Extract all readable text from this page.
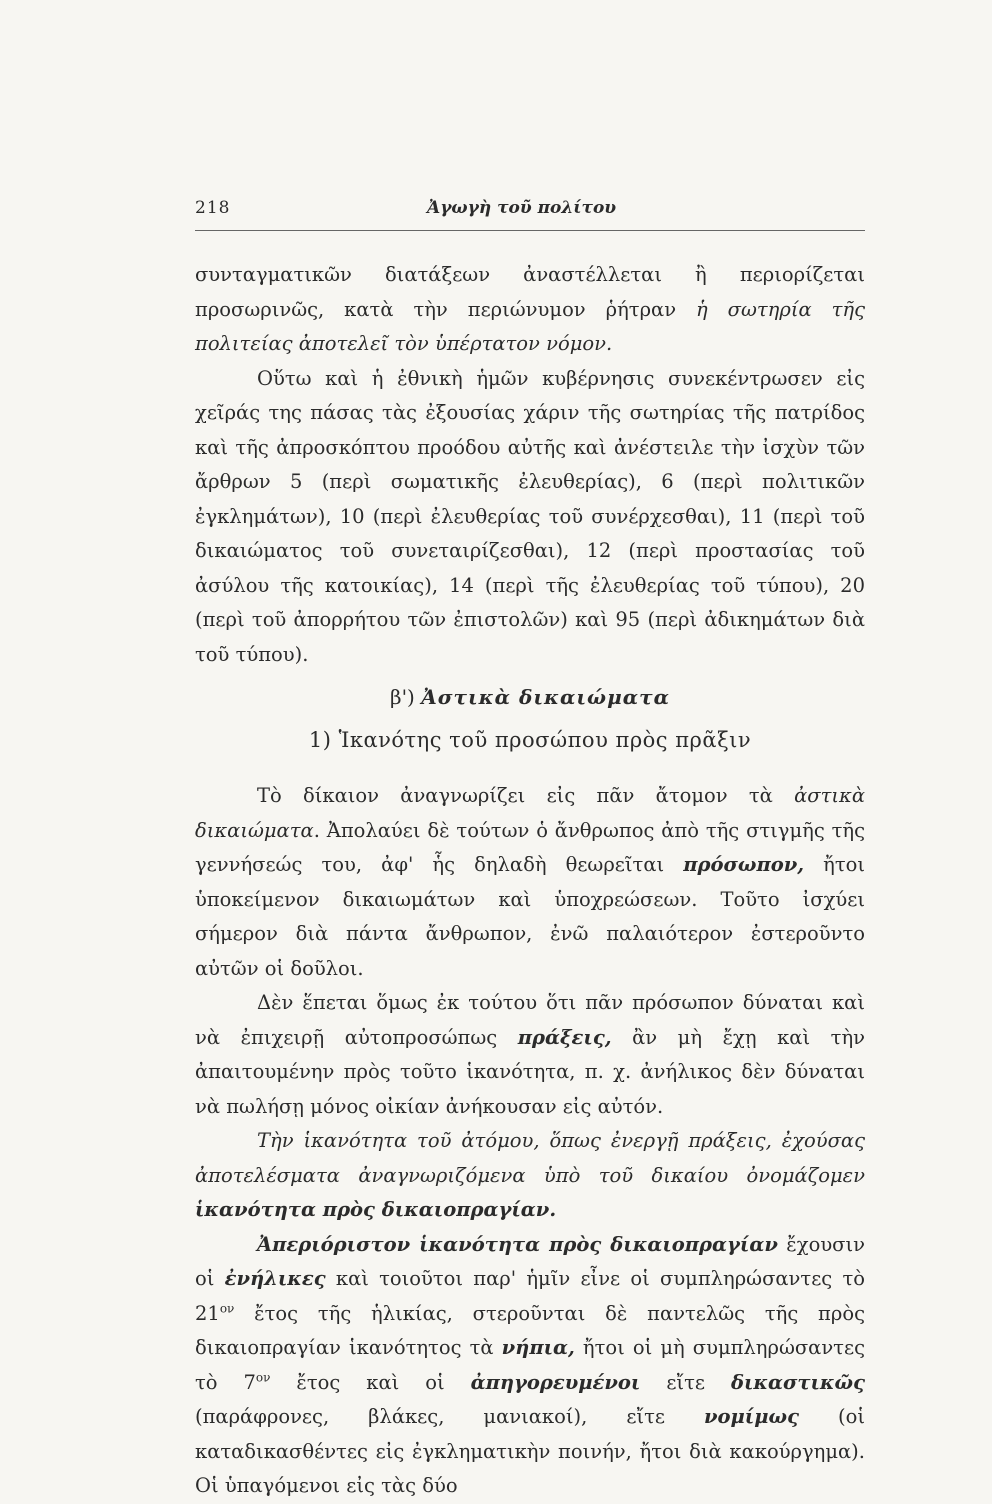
218	Ἀγωγὴ τοῦ πολίτου

συνταγματικῶν διατάξεων ἀναστέλλεται ἢ περιορίζεται προσωρινῶς, κατὰ τὴν περιώνυμον ῥήτραν ἡ σωτηρία τῆς πολιτείας ἀποτελεῖ τὸν ὑπέρτατον νόμον.

Οὕτω καὶ ἡ ἐθνικὴ ἡμῶν κυβέρνησις συνεκέντρωσεν εἰς χεῖράς της πάσας τὰς ἐξουσίας χάριν τῆς σωτηρίας τῆς πατρίδος καὶ τῆς ἀπροσκόπτου προόδου αὐτῆς καὶ ἀνέστειλε τὴν ἰσχὺν τῶν ἄρθρων 5 (περὶ σωματικῆς ἐλευθερίας), 6 (περὶ πολιτικῶν ἐγκλημάτων), 10 (περὶ ἐλευθερίας τοῦ συνέρχεσθαι), 11 (περὶ τοῦ δικαιώματος τοῦ συνεταιρίζεσθαι), 12 (περὶ προστασίας τοῦ ἀσύλου τῆς κατοικίας), 14 (περὶ τῆς ἐλευθερίας τοῦ τύπου), 20 (περὶ τοῦ ἀπορρήτου τῶν ἐπιστολῶν) καὶ 95 (περὶ ἀδικημάτων διὰ τοῦ τύπου).

β') Ἀστικὰ δικαιώματα
1) Ἱκανότης τοῦ προσώπου πρὸς πρᾶξιν

Τὸ δίκαιον ἀναγνωρίζει εἰς πᾶν ἄτομον τὰ ἀστικὰ δικαιώματα. Ἀπολαύει δὲ τούτων ὁ ἄνθρωπος ἀπὸ τῆς στιγμῆς τῆς γεννήσεώς του, ἀφ' ἧς δηλαδὴ θεωρεῖται πρόσωπον, ἤτοι ὑποκείμενον δικαιωμάτων καὶ ὑποχρεώσεων. Τοῦτο ἰσχύει σήμερον διὰ πάντα ἄνθρωπον, ἐνῶ παλαιότερον ἐστεροῦντο αὐτῶν οἱ δοῦλοι.

Δὲν ἕπεται ὅμως ἐκ τούτου ὅτι πᾶν πρόσωπον δύναται καὶ νὰ ἐπιχειρῇ αὐτοπροσώπως πράξεις, ἂν μὴ ἔχῃ καὶ τὴν ἀπαιτουμένην πρὸς τοῦτο ἱκανότητα, π. χ. ἀνήλικος δὲν δύναται νὰ πωλήσῃ μόνος οἰκίαν ἀνήκουσαν εἰς αὐτόν.

Τὴν ἱκανότητα τοῦ ἀτόμου, ὅπως ἐνεργῇ πράξεις, ἐχούσας ἀποτελέσματα ἀναγνωριζόμενα ὑπὸ τοῦ δικαίου ὀνομάζομεν ἱκανότητα πρὸς δικαιοπραγίαν.

Ἀπεριόριστον ἱκανότητα πρὸς δικαιοπραγίαν ἔχουσιν οἱ ἐνήλικες καὶ τοιοῦτοι παρ' ἡμῖν εἶνε οἱ συμπληρώσαντες τὸ $21^{o\nu}$ ἔτος τῆς ἡλικίας, στεροῦνται δὲ παντελῶς τῆς πρὸς δικαιοπραγίαν ἱκανότητος τὰ νήπια, ἤτοι οἱ μὴ συμπληρώσαντες τὸ $7^{o\nu}$ ἔτος καὶ οἱ ἀπηγορευμένοι εἴτε δικαστικῶς (παράφρονες, βλάκες, μανιακοί), εἴτε νομίμως (οἱ καταδικασθέντες εἰς ἐγκληματικὴν ποινήν, ἤτοι διὰ κακούργημα). Οἱ ὑπαγόμενοι εἰς τὰς δύο
